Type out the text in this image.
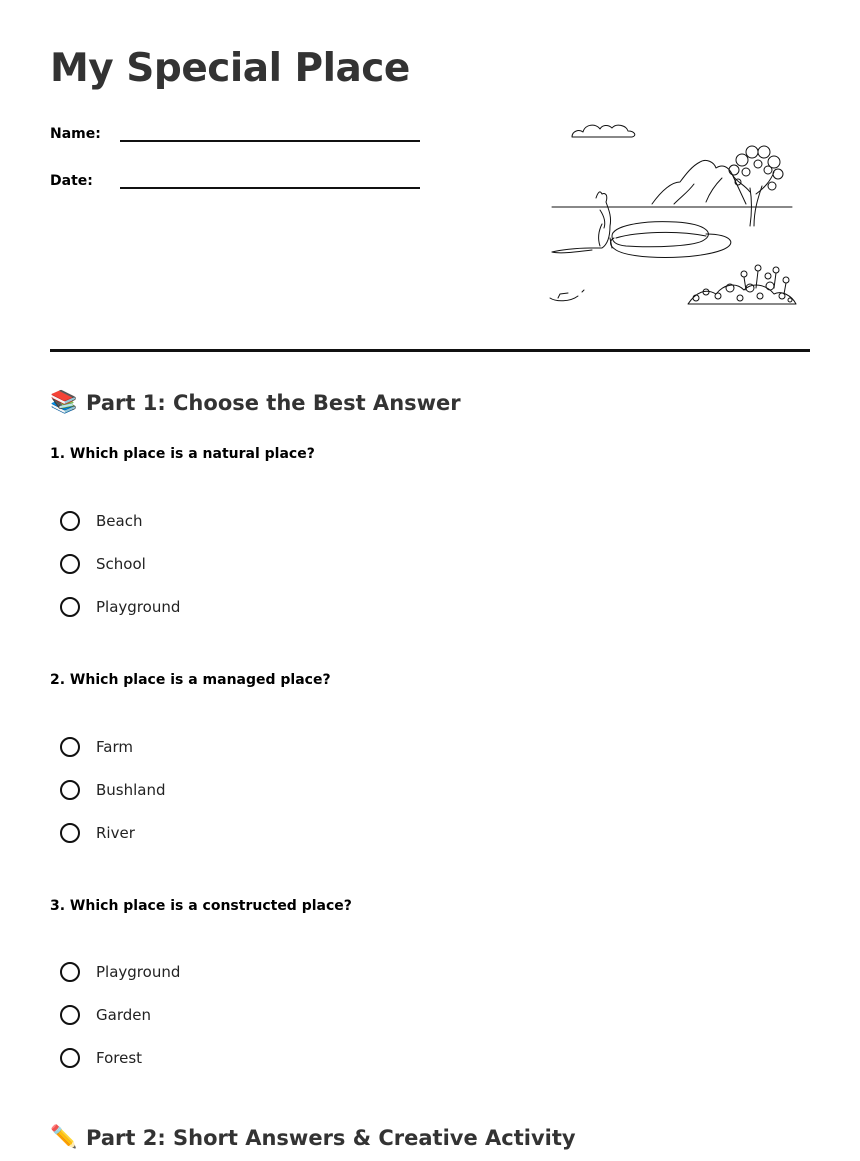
My Special Place
Name:
Date:
📚 Part 1: Choose the Best Answer

1. Which place is a natural place?

Beach
School
Playground

2. Which place is a managed place?

Farm
Bushland
River

3. Which place is a constructed place?

Playground
Garden
Forest
✏️ Part 2: Short Answers & Creative Activity
